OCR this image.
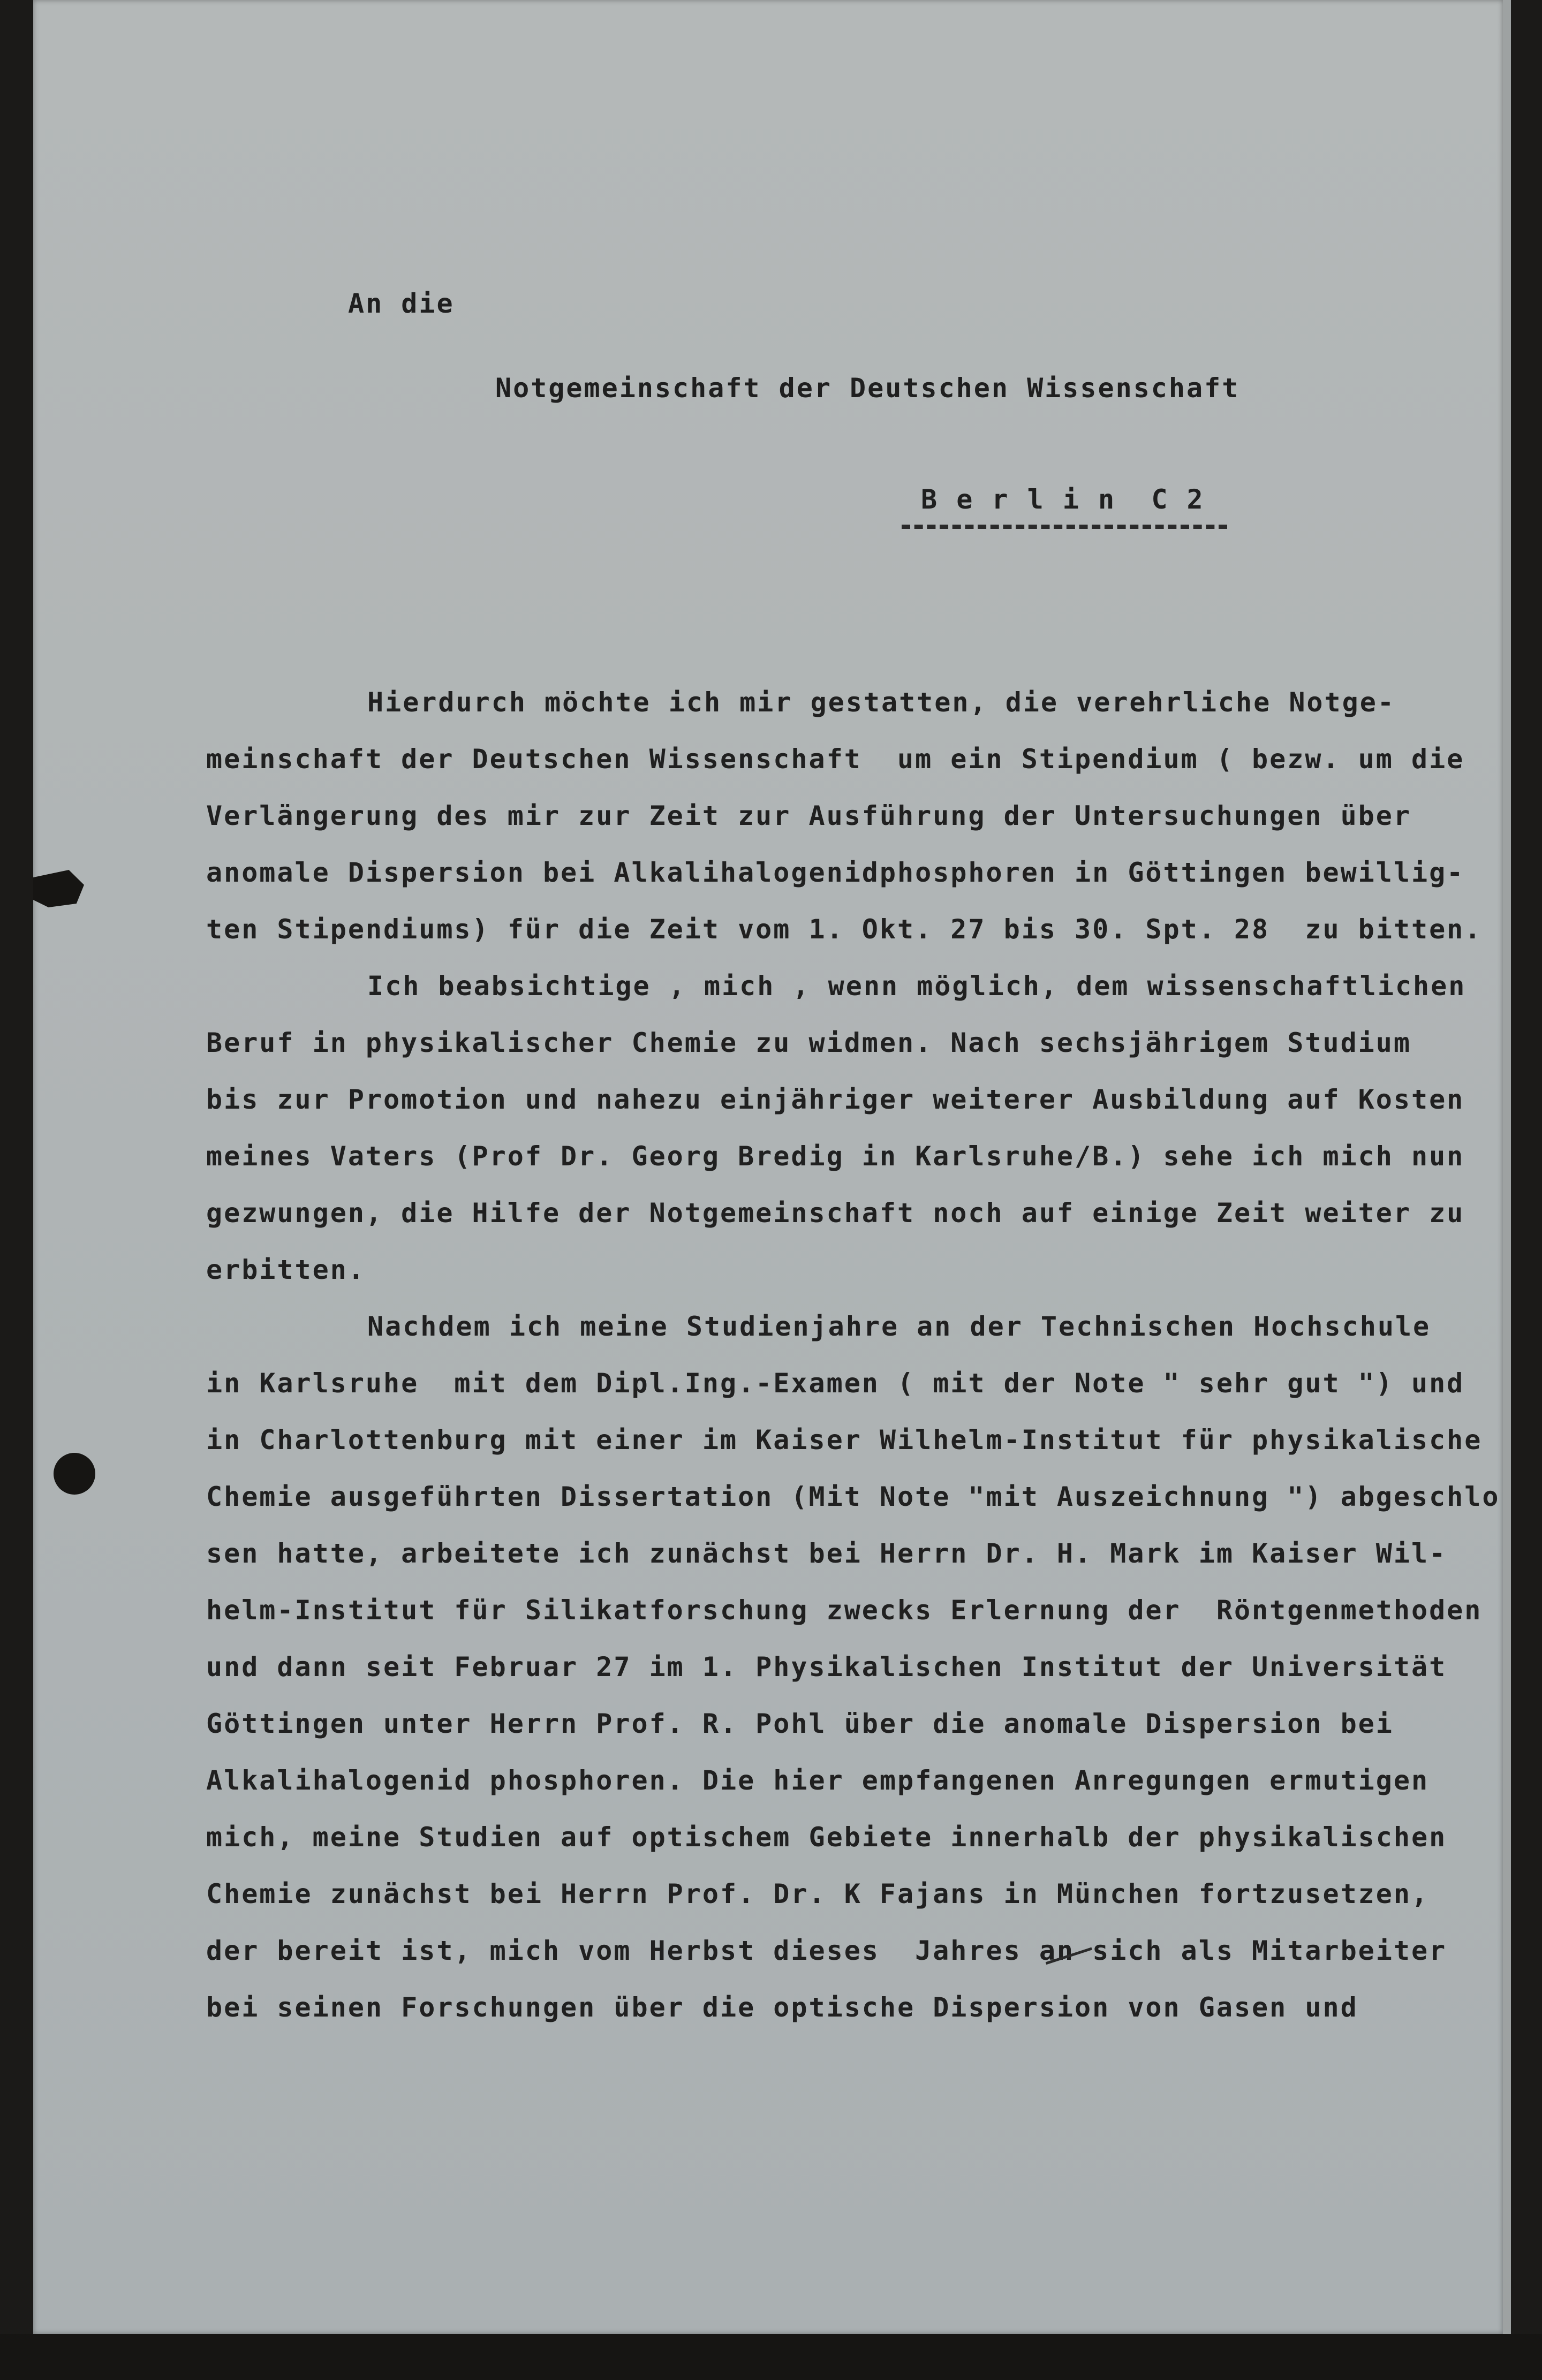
An die
Notgemeinschaft der Deutschen Wissenschaft
B e r l i n  C 2
Hierdurch möchte ich mir gestatten, die verehrliche Notge-
meinschaft der Deutschen Wissenschaft  um ein Stipendium ( bezw. um die
Verlängerung des mir zur Zeit zur Ausführung der Untersuchungen über
anomale Dispersion bei Alkalihalogenidphosphoren in Göttingen bewillig-
ten Stipendiums) für die Zeit vom 1. Okt. 27 bis 30. Spt. 28  zu bitten.
Ich beabsichtige , mich , wenn möglich, dem wissenschaftlichen
Beruf in physikalischer Chemie zu widmen. Nach sechsjährigem Studium
bis zur Promotion und nahezu einjähriger weiterer Ausbildung auf Kosten
meines Vaters (Prof Dr. Georg Bredig in Karlsruhe/B.) sehe ich mich nun
gezwungen, die Hilfe der Notgemeinschaft noch auf einige Zeit weiter zu
erbitten.
Nachdem ich meine Studienjahre an der Technischen Hochschule
in Karlsruhe  mit dem Dipl.Ing.-Examen ( mit der Note " sehr gut ") und
in Charlottenburg mit einer im Kaiser Wilhelm-Institut für physikalische
Chemie ausgeführten Dissertation (Mit Note "mit Auszeichnung ") abgeschlo
sen hatte, arbeitete ich zunächst bei Herrn Dr. H. Mark im Kaiser Wil-
helm-Institut für Silikatforschung zwecks Erlernung der  Röntgenmethoden
und dann seit Februar 27 im 1. Physikalischen Institut der Universität
Göttingen unter Herrn Prof. R. Pohl über die anomale Dispersion bei
Alkalihalogenid phosphoren. Die hier empfangenen Anregungen ermutigen
mich, meine Studien auf optischem Gebiete innerhalb der physikalischen
Chemie zunächst bei Herrn Prof. Dr. K Fajans in München fortzusetzen,
der bereit ist, mich vom Herbst dieses  Jahres an sich als Mitarbeiter
bei seinen Forschungen über die optische Dispersion von Gasen und
